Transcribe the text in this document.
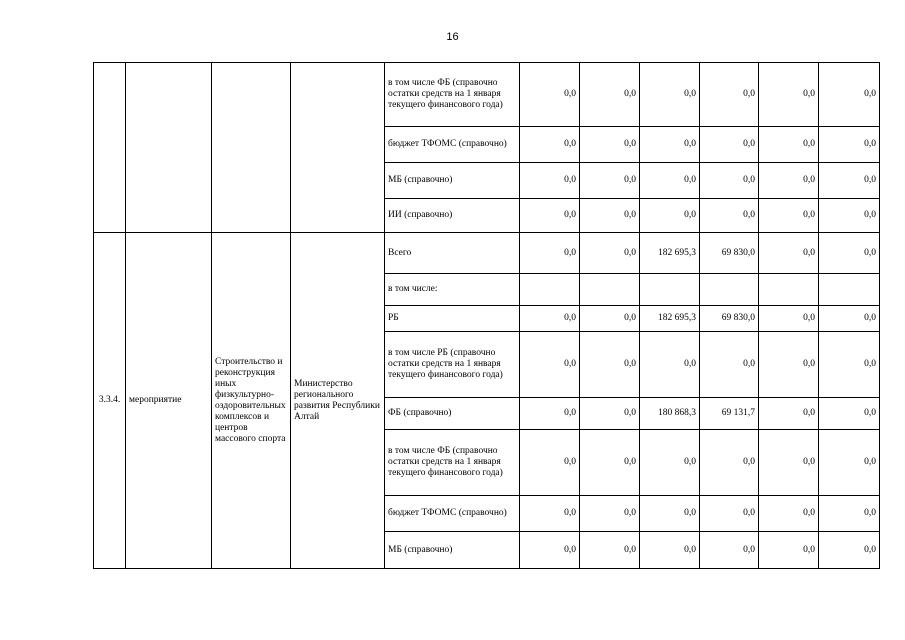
16
				в том числе ФБ (справочно остатки средств на 1 января текущего финансового года)	0,0	0,0	0,0	0,0	0,0	0,0
				бюджет ТФОМС (справочно)	0,0	0,0	0,0	0,0	0,0	0,0
				МБ (справочно)	0,0	0,0	0,0	0,0	0,0	0,0
				ИИ (справочно)	0,0	0,0	0,0	0,0	0,0	0,0
3.3.4.	мероприятие	Строительство и реконструкция иных физкультурно-оздоровительных комплексов и центров массового спорта	Министерство регионального развития Республики Алтай	Всего	0,0	0,0	182 695,3	69 830,0	0,0	0,0
				в том числе:						
				РБ	0,0	0,0	182 695,3	69 830,0	0,0	0,0
				в том числе РБ (справочно остатки средств на 1 января текущего финансового года)	0,0	0,0	0,0	0,0	0,0	0,0
				ФБ (справочно)	0,0	0,0	180 868,3	69 131,7	0,0	0,0
				в том числе ФБ (справочно остатки средств на 1 января текущего финансового года)	0,0	0,0	0,0	0,0	0,0	0,0
				бюджет ТФОМС (справочно)	0,0	0,0	0,0	0,0	0,0	0,0
				МБ (справочно)	0,0	0,0	0,0	0,0	0,0	0,0
